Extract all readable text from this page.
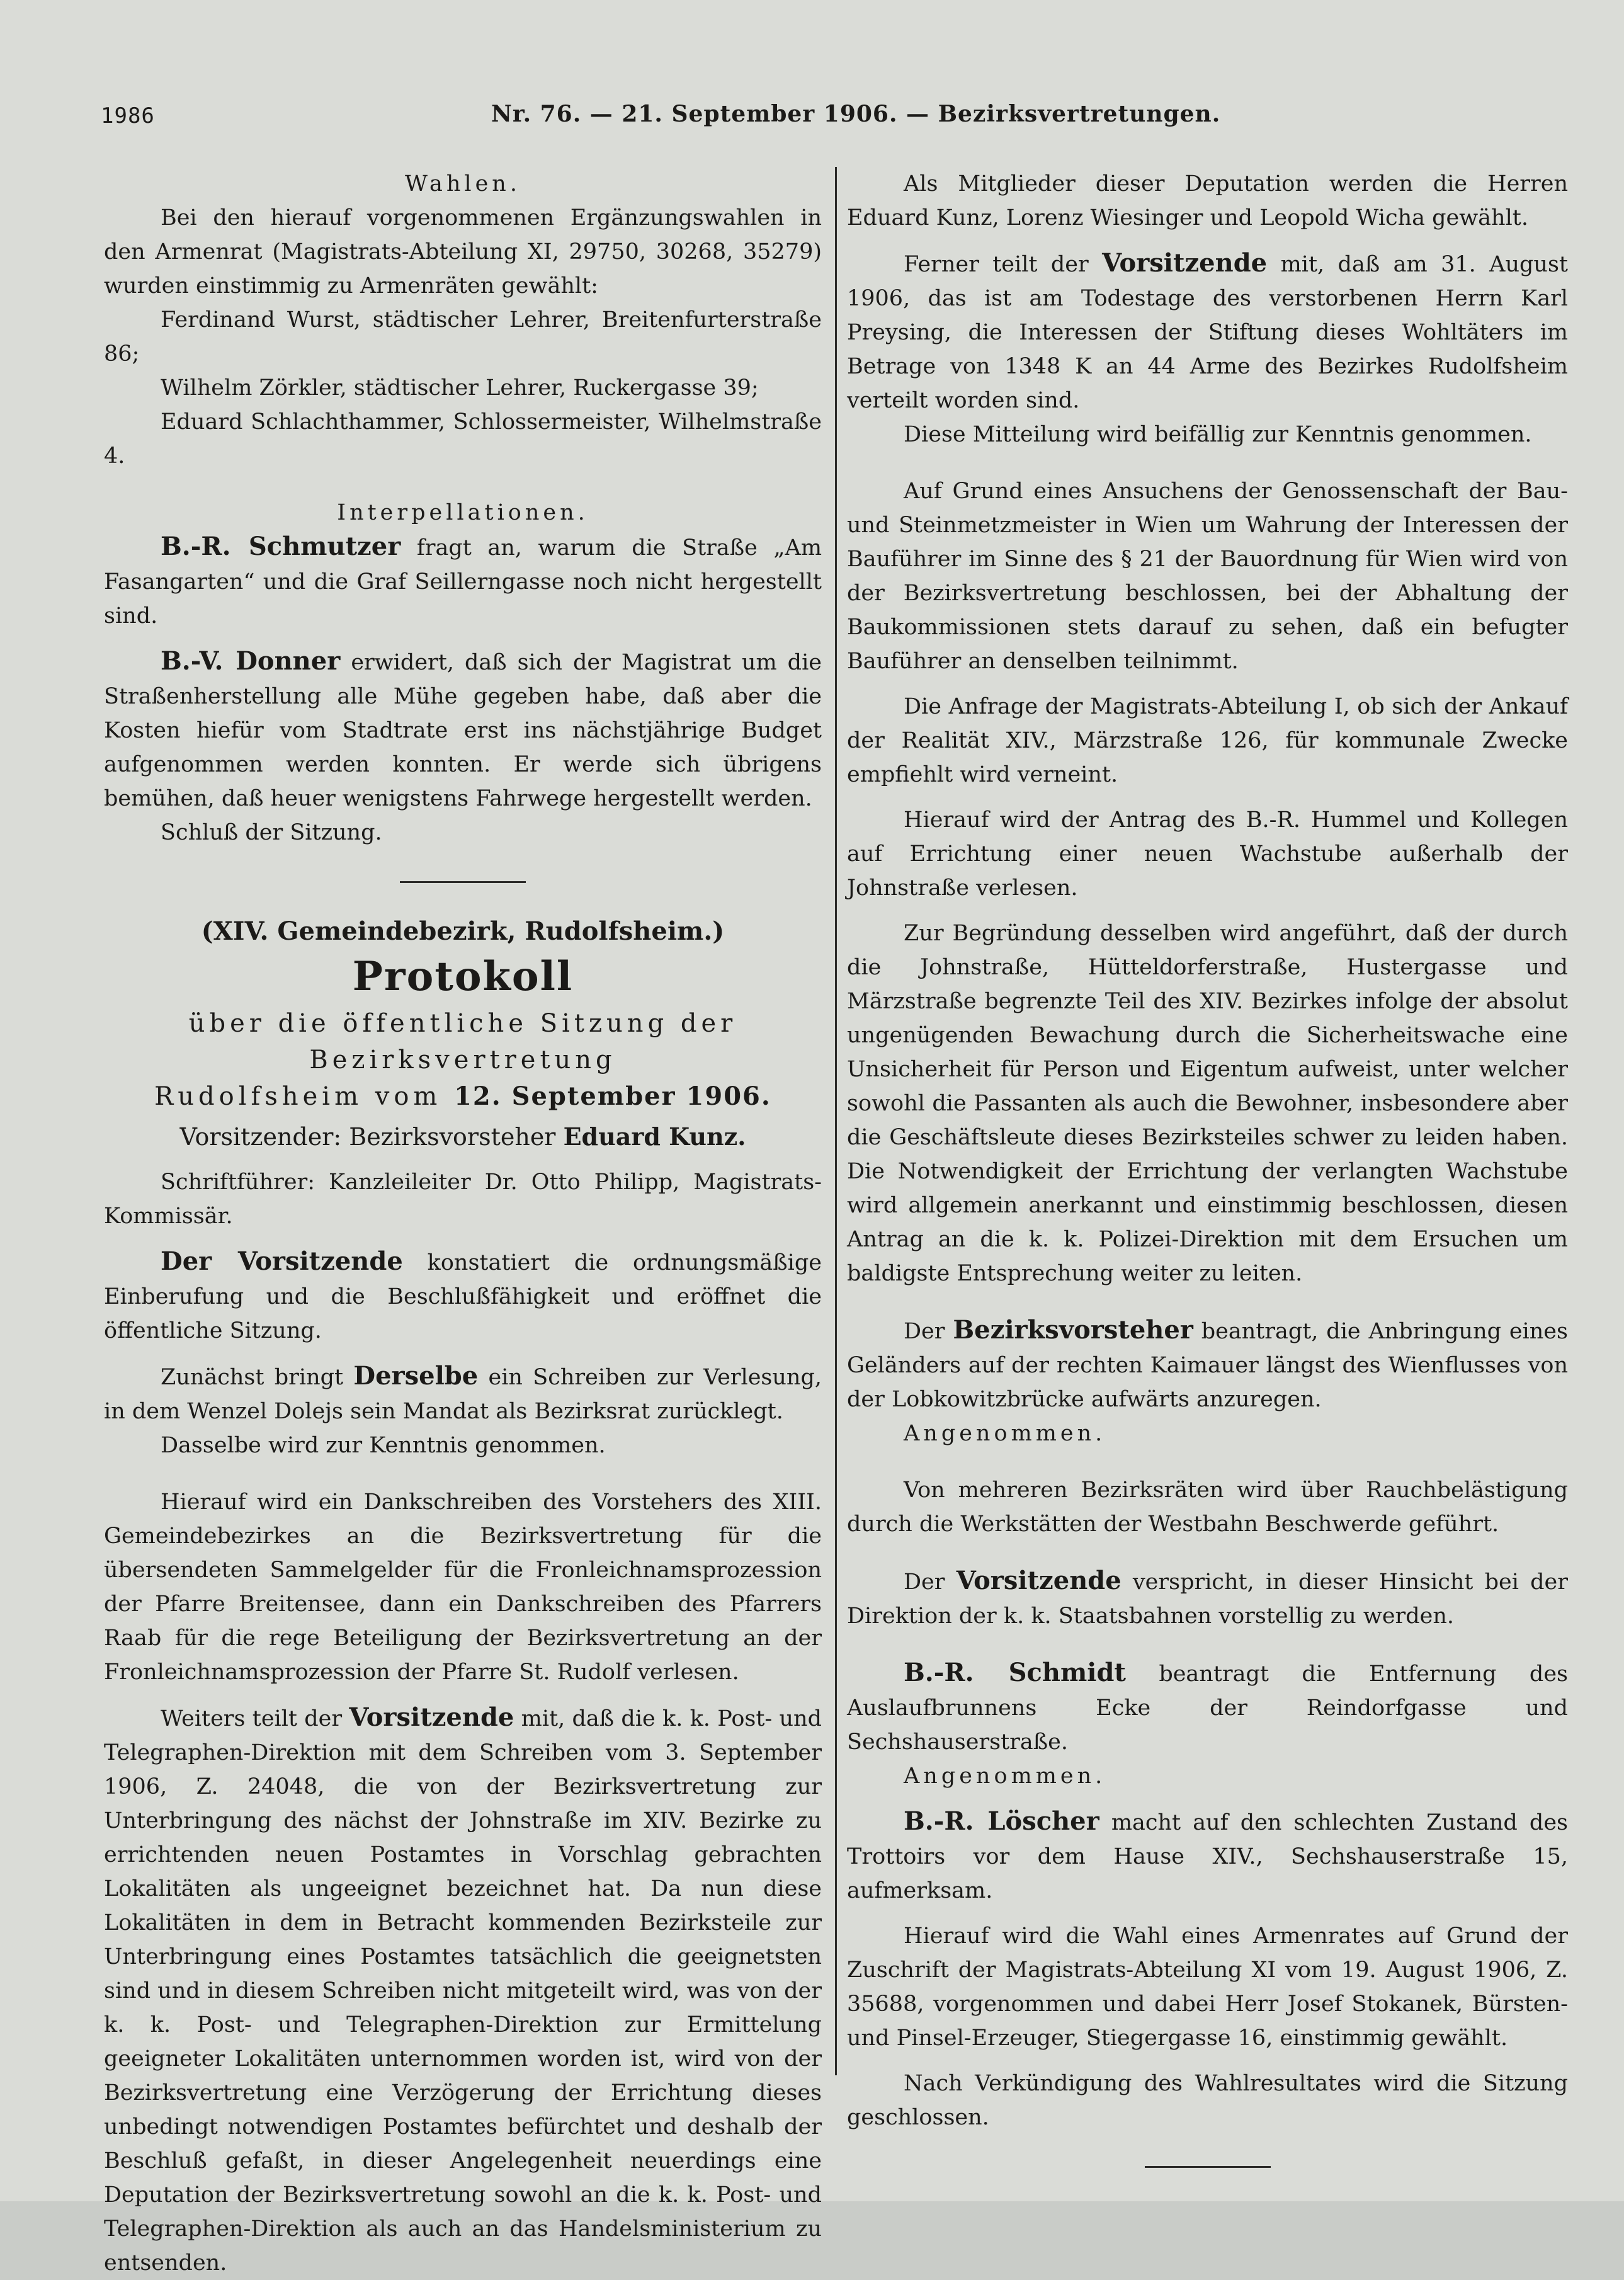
1986	Nr. 76. — 21. September 1906. — Bezirksvertretungen.

Wahlen.

Bei den hierauf vorgenommenen Ergänzungswahlen in den Armenrat (Magistrats-Abteilung XI, 29750, 30268, 35279) wurden einstimmig zu Armenräten gewählt:

Ferdinand Wurst, städtischer Lehrer, Breitenfurterstraße 86;

Wilhelm Zörkler, städtischer Lehrer, Ruckergasse 39;

Eduard Schlachthammer, Schlossermeister, Wilhelmstraße 4.

Interpellationen.

B.-R. Schmutzer fragt an, warum die Straße „Am Fasangarten“ und die Graf Seillerngasse noch nicht hergestellt sind.

B.-V. Donner erwidert, daß sich der Magistrat um die Straßenherstellung alle Mühe gegeben habe, daß aber die Kosten hiefür vom Stadtrate erst ins nächstjährige Budget aufgenommen werden konnten. Er werde sich übrigens bemühen, daß heuer wenigstens Fahrwege hergestellt werden.

Schluß der Sitzung.

(XIV. Gemeindebezirk, Rudolfsheim.)

Protokoll

über die öffentliche Sitzung der Bezirksvertretung

Rudolfsheim vom 12. September 1906.

Vorsitzender: Bezirksvorsteher Eduard Kunz.

Schriftführer: Kanzleileiter Dr. Otto Philipp, Magistrats-Kommissär.

Der Vorsitzende konstatiert die ordnungsmäßige Einberufung und die Beschlußfähigkeit und eröffnet die öffentliche Sitzung.

Zunächst bringt Derselbe ein Schreiben zur Verlesung, in dem Wenzel Dolejs sein Mandat als Bezirksrat zurücklegt.

Dasselbe wird zur Kenntnis genommen.

Hierauf wird ein Dankschreiben des Vorstehers des XIII. Gemeindebezirkes an die Bezirksvertretung für die übersendeten Sammelgelder für die Fronleichnamsprozession der Pfarre Breitensee, dann ein Dankschreiben des Pfarrers Raab für die rege Beteiligung der Bezirksvertretung an der Fronleichnamsprozession der Pfarre St. Rudolf verlesen.

Weiters teilt der Vorsitzende mit, daß die k. k. Post- und Telegraphen-Direktion mit dem Schreiben vom 3. September 1906, Z. 24048, die von der Bezirksvertretung zur Unterbringung des nächst der Johnstraße im XIV. Bezirke zu errichtenden neuen Postamtes in Vorschlag gebrachten Lokalitäten als ungeeignet bezeichnet hat. Da nun diese Lokalitäten in dem in Betracht kommenden Bezirksteile zur Unterbringung eines Postamtes tatsächlich die geeignetsten sind und in diesem Schreiben nicht mitgeteilt wird, was von der k. k. Post- und Telegraphen-Direktion zur Ermittelung geeigneter Lokalitäten unternommen worden ist, wird von der Bezirksvertretung eine Verzögerung der Errichtung dieses unbedingt notwendigen Postamtes befürchtet und deshalb der Beschluß gefaßt, in dieser Angelegenheit neuerdings eine Deputation der Bezirksvertretung sowohl an die k. k. Post- und Telegraphen-Direktion als auch an das Handelsministerium zu entsenden.

Als Mitglieder dieser Deputation werden die Herren Eduard Kunz, Lorenz Wiesinger und Leopold Wicha gewählt.

Ferner teilt der Vorsitzende mit, daß am 31. August 1906, das ist am Todestage des verstorbenen Herrn Karl Preysing, die Interessen der Stiftung dieses Wohltäters im Betrage von 1348 K an 44 Arme des Bezirkes Rudolfsheim verteilt worden sind.

Diese Mitteilung wird beifällig zur Kenntnis genommen.

Auf Grund eines Ansuchens der Genossenschaft der Bau- und Steinmetzmeister in Wien um Wahrung der Interessen der Bauführer im Sinne des § 21 der Bauordnung für Wien wird von der Bezirksvertretung beschlossen, bei der Abhaltung der Baukommissionen stets darauf zu sehen, daß ein befugter Bauführer an denselben teilnimmt.

Die Anfrage der Magistrats-Abteilung I, ob sich der Ankauf der Realität XIV., Märzstraße 126, für kommunale Zwecke empfiehlt wird verneint.

Hierauf wird der Antrag des B.-R. Hummel und Kollegen auf Errichtung einer neuen Wachstube außerhalb der Johnstraße verlesen.

Zur Begründung desselben wird angeführt, daß der durch die Johnstraße, Hütteldorferstraße, Hustergasse und Märzstraße begrenzte Teil des XIV. Bezirkes infolge der absolut ungenügenden Bewachung durch die Sicherheitswache eine Unsicherheit für Person und Eigentum aufweist, unter welcher sowohl die Passanten als auch die Bewohner, insbesondere aber die Geschäftsleute dieses Bezirksteiles schwer zu leiden haben. Die Notwendigkeit der Errichtung der verlangten Wachstube wird allgemein anerkannt und einstimmig beschlossen, diesen Antrag an die k. k. Polizei-Direktion mit dem Ersuchen um baldigste Entsprechung weiter zu leiten.

Der Bezirksvorsteher beantragt, die Anbringung eines Geländers auf der rechten Kaimauer längst des Wienflusses von der Lobkowitzbrücke aufwärts anzuregen.

Angenommen.

Von mehreren Bezirksräten wird über Rauchbelästigung durch die Werkstätten der Westbahn Beschwerde geführt.

Der Vorsitzende verspricht, in dieser Hinsicht bei der Direktion der k. k. Staatsbahnen vorstellig zu werden.

B.-R. Schmidt beantragt die Entfernung des Auslaufbrunnens Ecke der Reindorfgasse und Sechshauserstraße.

Angenommen.

B.-R. Löscher macht auf den schlechten Zustand des Trottoirs vor dem Hause XIV., Sechshauserstraße 15, aufmerksam.

Hierauf wird die Wahl eines Armenrates auf Grund der Zuschrift der Magistrats-Abteilung XI vom 19. August 1906, Z. 35688, vorgenommen und dabei Herr Josef Stokanek, Bürsten- und Pinsel-Erzeuger, Stiegergasse 16, einstimmig gewählt.

Nach Verkündigung des Wahlresultates wird die Sitzung geschlossen.
